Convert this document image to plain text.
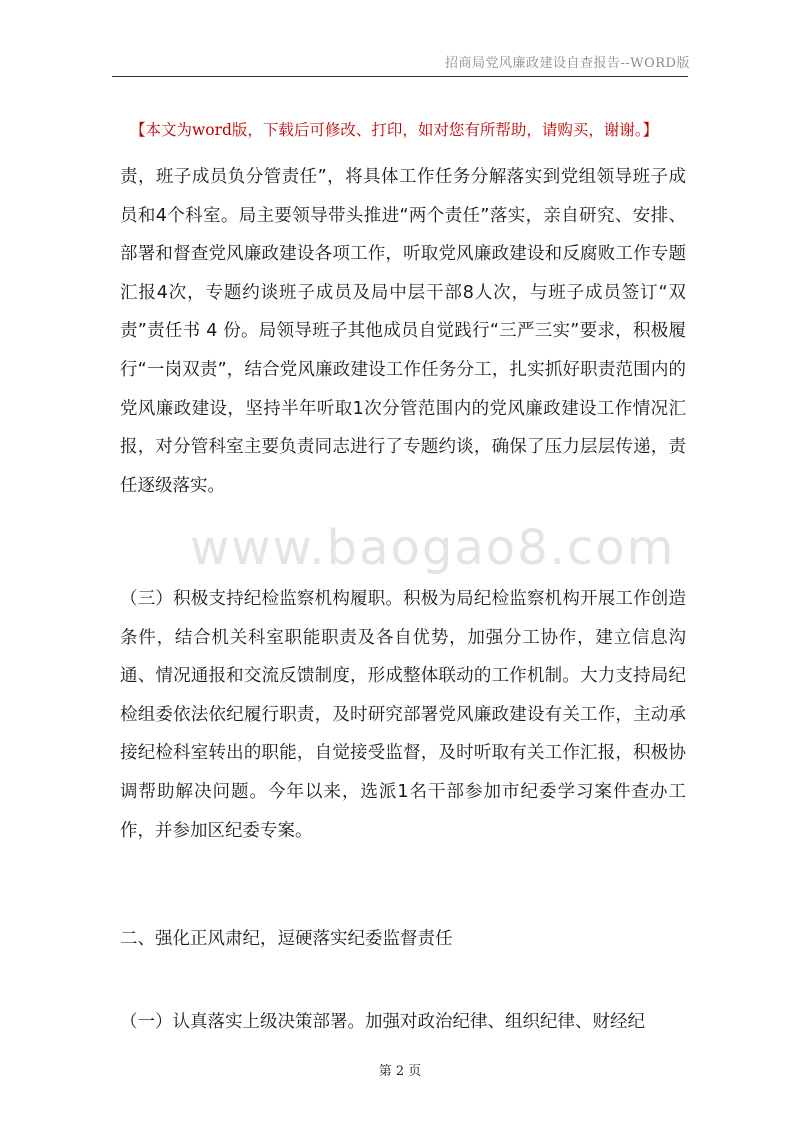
招商局党风廉政建设自查报告--WORD版
【本文为word版，下载后可修改、打印，如对您有所帮助，请购买，谢谢。】
www.baogao8.com
责，班子成员负分管责任”，将具体工作任务分解落实到党组领导班子成员和4个科室。局主要领导带头推进“两个责任”落实，亲自研究、安排、部署和督查党风廉政建设各项工作，听取党风廉政建设和反腐败工作专题汇报4次，专题约谈班子成员及局中层干部8人次，与班子成员签订“双责”责任书 4 份。局领导班子其他成员自觉践行“三严三实”要求，积极履行“一岗双责”，结合党风廉政建设工作任务分工，扎实抓好职责范围内的党风廉政建设，坚持半年听取1次分管范围内的党风廉政建设工作情况汇报，对分管科室主要负责同志进行了专题约谈，确保了压力层层传递，责任逐级落实。
（三）积极支持纪检监察机构履职。积极为局纪检监察机构开展工作创造条件，结合机关科室职能职责及各自优势，加强分工协作，建立信息沟通、情况通报和交流反馈制度，形成整体联动的工作机制。大力支持局纪检组委依法依纪履行职责，及时研究部署党风廉政建设有关工作，主动承接纪检科室转出的职能，自觉接受监督，及时听取有关工作汇报，积极协调帮助解决问题。今年以来，选派1名干部参加市纪委学习案件查办工作，并参加区纪委专案。
二、强化正风肃纪，逗硬落实纪委监督责任
（一）认真落实上级决策部署。加强对政治纪律、组织纪律、财经纪
第 2 页
